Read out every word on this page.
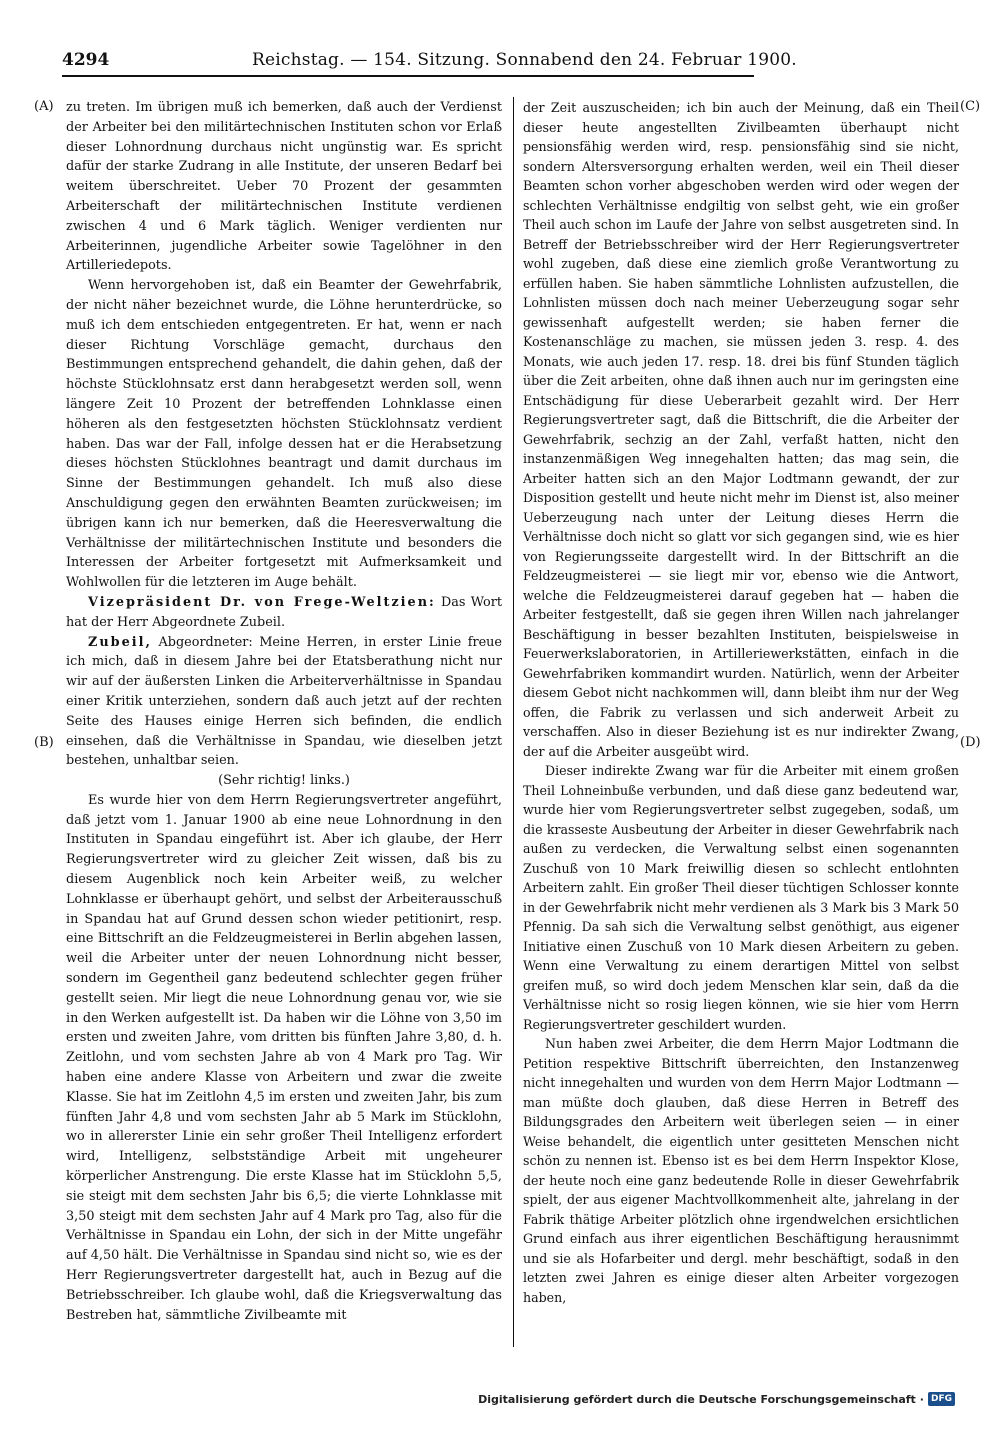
4294	Reichstag. — 154. Sitzung. Sonnabend den 24. Februar 1900.
(A)
(B)
(C)
(D)

zu treten. Im übrigen muß ich bemerken, daß auch der Verdienst der Arbeiter bei den militärtechnischen Instituten schon vor Erlaß dieser Lohnordnung durchaus nicht ungünstig war. Es spricht dafür der starke Zudrang in alle Institute, der unseren Bedarf bei weitem überschreitet. Ueber 70 Prozent der gesammten Arbeiterschaft der militärtechnischen Institute verdienen zwischen 4 und 6 Mark täglich. Weniger verdienten nur Arbeiterinnen, jugendliche Arbeiter sowie Tagelöhner in den Artilleriedepots.

Wenn hervorgehoben ist, daß ein Beamter der Gewehrfabrik, der nicht näher bezeichnet wurde, die Löhne herunterdrücke, so muß ich dem entschieden entgegentreten. Er hat, wenn er nach dieser Richtung Vorschläge gemacht, durchaus den Bestimmungen entsprechend gehandelt, die dahin gehen, daß der höchste Stücklohnsatz erst dann herabgesetzt werden soll, wenn längere Zeit 10 Prozent der betreffenden Lohnklasse einen höheren als den festgesetzten höchsten Stücklohnsatz verdient haben. Das war der Fall, infolge dessen hat er die Herabsetzung dieses höchsten Stücklohnes beantragt und damit durchaus im Sinne der Bestimmungen gehandelt. Ich muß also diese Anschuldigung gegen den erwähnten Beamten zurückweisen; im übrigen kann ich nur bemerken, daß die Heeresverwaltung die Verhältnisse der militärtechnischen Institute und besonders die Interessen der Arbeiter fortgesetzt mit Aufmerksamkeit und Wohlwollen für die letzteren im Auge behält.

Vizepräsident Dr. von Frege-Weltzien: Das Wort hat der Herr Abgeordnete Zubeil.

Zubeil, Abgeordneter: Meine Herren, in erster Linie freue ich mich, daß in diesem Jahre bei der Etatsberathung nicht nur wir auf der äußersten Linken die Arbeiterverhältnisse in Spandau einer Kritik unterziehen, sondern daß auch jetzt auf der rechten Seite des Hauses einige Herren sich befinden, die endlich einsehen, daß die Verhältnisse in Spandau, wie dieselben jetzt bestehen, unhaltbar seien.

(Sehr richtig! links.)

Es wurde hier von dem Herrn Regierungsvertreter angeführt, daß jetzt vom 1. Januar 1900 ab eine neue Lohnordnung in den Instituten in Spandau eingeführt ist. Aber ich glaube, der Herr Regierungsvertreter wird zu gleicher Zeit wissen, daß bis zu diesem Augenblick noch kein Arbeiter weiß, zu welcher Lohnklasse er überhaupt gehört, und selbst der Arbeiterausschuß in Spandau hat auf Grund dessen schon wieder petitionirt, resp. eine Bittschrift an die Feldzeugmeisterei in Berlin abgehen lassen, weil die Arbeiter unter der neuen Lohnordnung nicht besser, sondern im Gegentheil ganz bedeutend schlechter gegen früher gestellt seien. Mir liegt die neue Lohnordnung genau vor, wie sie in den Werken aufgestellt ist. Da haben wir die Löhne von 3,50 im ersten und zweiten Jahre, vom dritten bis fünften Jahre 3,80, d. h. Zeitlohn, und vom sechsten Jahre ab von 4 Mark pro Tag. Wir haben eine andere Klasse von Arbeitern und zwar die zweite Klasse. Sie hat im Zeitlohn 4,5 im ersten und zweiten Jahr, bis zum fünften Jahr 4,8 und vom sechsten Jahr ab 5 Mark im Stücklohn, wo in allererster Linie ein sehr großer Theil Intelligenz erfordert wird, Intelligenz, selbstständige Arbeit mit ungeheurer körperlicher Anstrengung. Die erste Klasse hat im Stücklohn 5,5, sie steigt mit dem sechsten Jahr bis 6,5; die vierte Lohnklasse mit 3,50 steigt mit dem sechsten Jahr auf 4 Mark pro Tag, also für die Verhältnisse in Spandau ein Lohn, der sich in der Mitte ungefähr auf 4,50 hält. Die Verhältnisse in Spandau sind nicht so, wie es der Herr Regierungsvertreter dargestellt hat, auch in Bezug auf die Betriebsschreiber. Ich glaube wohl, daß die Kriegsverwaltung das Bestreben hat, sämmtliche Zivilbeamte mit

der Zeit auszuscheiden; ich bin auch der Meinung, daß ein Theil dieser heute angestellten Zivilbeamten überhaupt nicht pensionsfähig werden wird, resp. pensionsfähig sind sie nicht, sondern Altersversorgung erhalten werden, weil ein Theil dieser Beamten schon vorher abgeschoben werden wird oder wegen der schlechten Verhältnisse endgiltig von selbst geht, wie ein großer Theil auch schon im Laufe der Jahre von selbst ausgetreten sind. In Betreff der Betriebsschreiber wird der Herr Regierungsvertreter wohl zugeben, daß diese eine ziemlich große Verantwortung zu erfüllen haben. Sie haben sämmtliche Lohnlisten aufzustellen, die Lohnlisten müssen doch nach meiner Ueberzeugung sogar sehr gewissenhaft aufgestellt werden; sie haben ferner die Kostenanschläge zu machen, sie müssen jeden 3. resp. 4. des Monats, wie auch jeden 17. resp. 18. drei bis fünf Stunden täglich über die Zeit arbeiten, ohne daß ihnen auch nur im geringsten eine Entschädigung für diese Ueberarbeit gezahlt wird. Der Herr Regierungsvertreter sagt, daß die Bittschrift, die die Arbeiter der Gewehrfabrik, sechzig an der Zahl, verfaßt hatten, nicht den instanzenmäßigen Weg innegehalten hatten; das mag sein, die Arbeiter hatten sich an den Major Lodtmann gewandt, der zur Disposition gestellt und heute nicht mehr im Dienst ist, also meiner Ueberzeugung nach unter der Leitung dieses Herrn die Verhältnisse doch nicht so glatt vor sich gegangen sind, wie es hier von Regierungsseite dargestellt wird. In der Bittschrift an die Feldzeugmeisterei — sie liegt mir vor, ebenso wie die Antwort, welche die Feldzeugmeisterei darauf gegeben hat — haben die Arbeiter festgestellt, daß sie gegen ihren Willen nach jahrelanger Beschäftigung in besser bezahlten Instituten, beispielsweise in Feuerwerkslaboratorien, in Artilleriewerkstätten, einfach in die Gewehrfabriken kommandirt wurden. Natürlich, wenn der Arbeiter diesem Gebot nicht nachkommen will, dann bleibt ihm nur der Weg offen, die Fabrik zu verlassen und sich anderweit Arbeit zu verschaffen. Also in dieser Beziehung ist es nur indirekter Zwang, der auf die Arbeiter ausgeübt wird.

Dieser indirekte Zwang war für die Arbeiter mit einem großen Theil Lohneinbuße verbunden, und daß diese ganz bedeutend war, wurde hier vom Regierungsvertreter selbst zugegeben, sodaß, um die krasseste Ausbeutung der Arbeiter in dieser Gewehrfabrik nach außen zu verdecken, die Verwaltung selbst einen sogenannten Zuschuß von 10 Mark freiwillig diesen so schlecht entlohnten Arbeitern zahlt. Ein großer Theil dieser tüchtigen Schlosser konnte in der Gewehrfabrik nicht mehr verdienen als 3 Mark bis 3 Mark 50 Pfennig. Da sah sich die Verwaltung selbst genöthigt, aus eigener Initiative einen Zuschuß von 10 Mark diesen Arbeitern zu geben. Wenn eine Verwaltung zu einem derartigen Mittel von selbst greifen muß, so wird doch jedem Menschen klar sein, daß da die Verhältnisse nicht so rosig liegen können, wie sie hier vom Herrn Regierungsvertreter geschildert wurden.

Nun haben zwei Arbeiter, die dem Herrn Major Lodtmann die Petition respektive Bittschrift überreichten, den Instanzenweg nicht innegehalten und wurden von dem Herrn Major Lodtmann — man müßte doch glauben, daß diese Herren in Betreff des Bildungsgrades den Arbeitern weit überlegen seien — in einer Weise behandelt, die eigentlich unter gesitteten Menschen nicht schön zu nennen ist. Ebenso ist es bei dem Herrn Inspektor Klose, der heute noch eine ganz bedeutende Rolle in dieser Gewehrfabrik spielt, der aus eigener Machtvollkommenheit alte, jahrelang in der Fabrik thätige Arbeiter plötzlich ohne irgendwelchen ersichtlichen Grund einfach aus ihrer eigentlichen Beschäftigung herausnimmt und sie als Hofarbeiter und dergl. mehr beschäftigt, sodaß in den letzten zwei Jahren es einige dieser alten Arbeiter vorgezogen haben,

Digitalisierung gefördert durch die Deutsche Forschungsgemeinschaft · DFG
